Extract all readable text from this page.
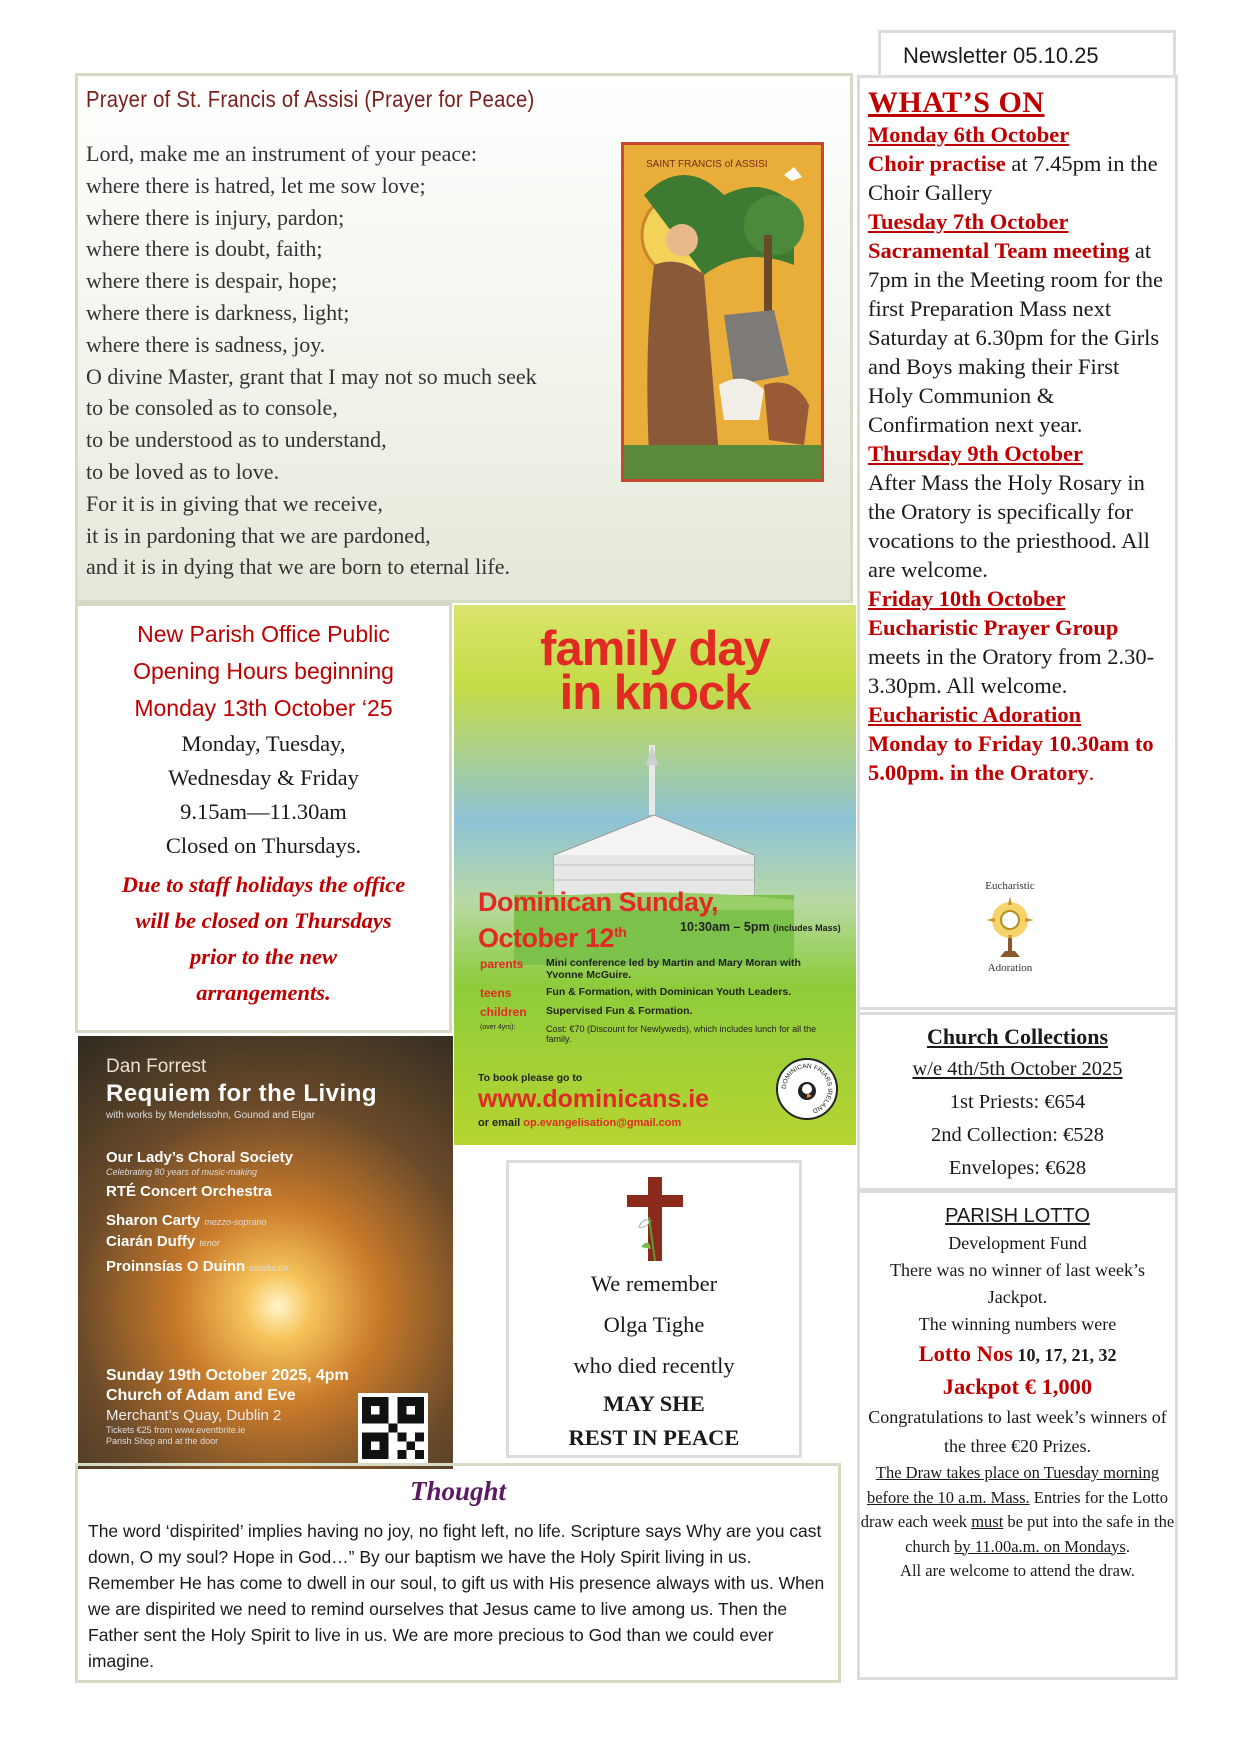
Newsletter 05.10.25
Prayer of St. Francis of Assisi (Prayer for Peace)
Lord, make me an instrument of your peace:
where there is hatred, let me sow love;
where there is injury, pardon;
where there is doubt, faith;
where there is despair, hope;
where there is darkness, light;
where there is sadness, joy.
O divine Master, grant that I may not so much seek
to be consoled as to console,
to be understood as to understand,
to be loved as to love.
For it is in giving that we receive,
it is in pardoning that we are pardoned,
and it is in dying that we are born to eternal life.
SAINT FRANCIS of ASSISI
WHAT’S ON
Monday 6th October
Choir practise at 7.45pm in the Choir Gallery
Tuesday 7th October
Sacramental Team meeting at 7pm in the Meeting room for the first Preparation Mass next Saturday at 6.30pm for the Girls and Boys making their First Holy Communion & Confirmation next year.
Thursday 9th October
After Mass the Holy Rosary in the Oratory is specifically for vocations to the priesthood. All are welcome.
Friday 10th October
Eucharistic Prayer Group meets in the Oratory from 2.30-3.30pm. All welcome.
Eucharistic Adoration
Monday to Friday 10.30am to 5.00pm. in the Oratory.
Eucharistic
Adoration
New Parish Office Public
Opening Hours beginning
Monday 13th October ‘25
Monday, Tuesday,
Wednesday & Friday
9.15am—11.30am
Closed on Thursdays.
Due to staff holidays the office
will be closed on Thursdays
prior to the new
arrangements.
family day
in knock
Dominican Sunday,
October 12th	10:30am – 5pm (includes Mass)
parents	Mini conference led by Martin and Mary Moran with Yvonne McGuire.
teens	Fun & Formation, with Dominican Youth Leaders.
children	Supervised Fun & Formation.
(over 4yrs):	Cost: €70 (Discount for Newlyweds), which includes lunch for all the family.
To book please go to
www.dominicans.ie
or email op.evangelisation@gmail.com
DOMINICAN FRIARS IRELAND
Dan Forrest
Requiem for the Living
with works by Mendelssohn, Gounod and Elgar
Our Lady’s Choral Society
Celebrating 80 years of music-making
RTÉ Concert Orchestra
Sharon Carty mezzo-soprano
Ciarán Duffy tenor
Proinnsías O Duinn conductor
Sunday 19th October 2025, 4pm
Church of Adam and Eve
Merchant’s Quay, Dublin 2
Tickets €25 from www.eventbrite.ie
Parish Shop and at the door
We remember
Olga Tighe
who died recently
MAY SHE
REST IN PEACE
Thought
The word ‘dispirited’ implies having no joy, no fight left, no life. Scripture says Why are you cast down, O my soul? Hope in God…” By our baptism we have the Holy Spirit living in us. Remember He has come to dwell in our soul, to gift us with His presence always with us. When we are dispirited we need to remind ourselves that Jesus came to live among us. Then the Father sent the Holy Spirit to live in us. We are more precious to God than we could ever imagine.
Church Collections
w/e 4th/5th October 2025
1st Priests: €654
2nd Collection: €528
Envelopes: €628
PARISH LOTTO
Development Fund
There was no winner of last week’s Jackpot.
The winning numbers were
Lotto Nos 10, 17, 21, 32
Jackpot € 1,000
Congratulations to last week’s winners of the three €20 Prizes.
The Draw takes place on Tuesday morning before the 10 a.m. Mass. Entries for the Lotto draw each week must be put into the safe in the church by 11.00a.m. on Mondays.
All are welcome to attend the draw.
